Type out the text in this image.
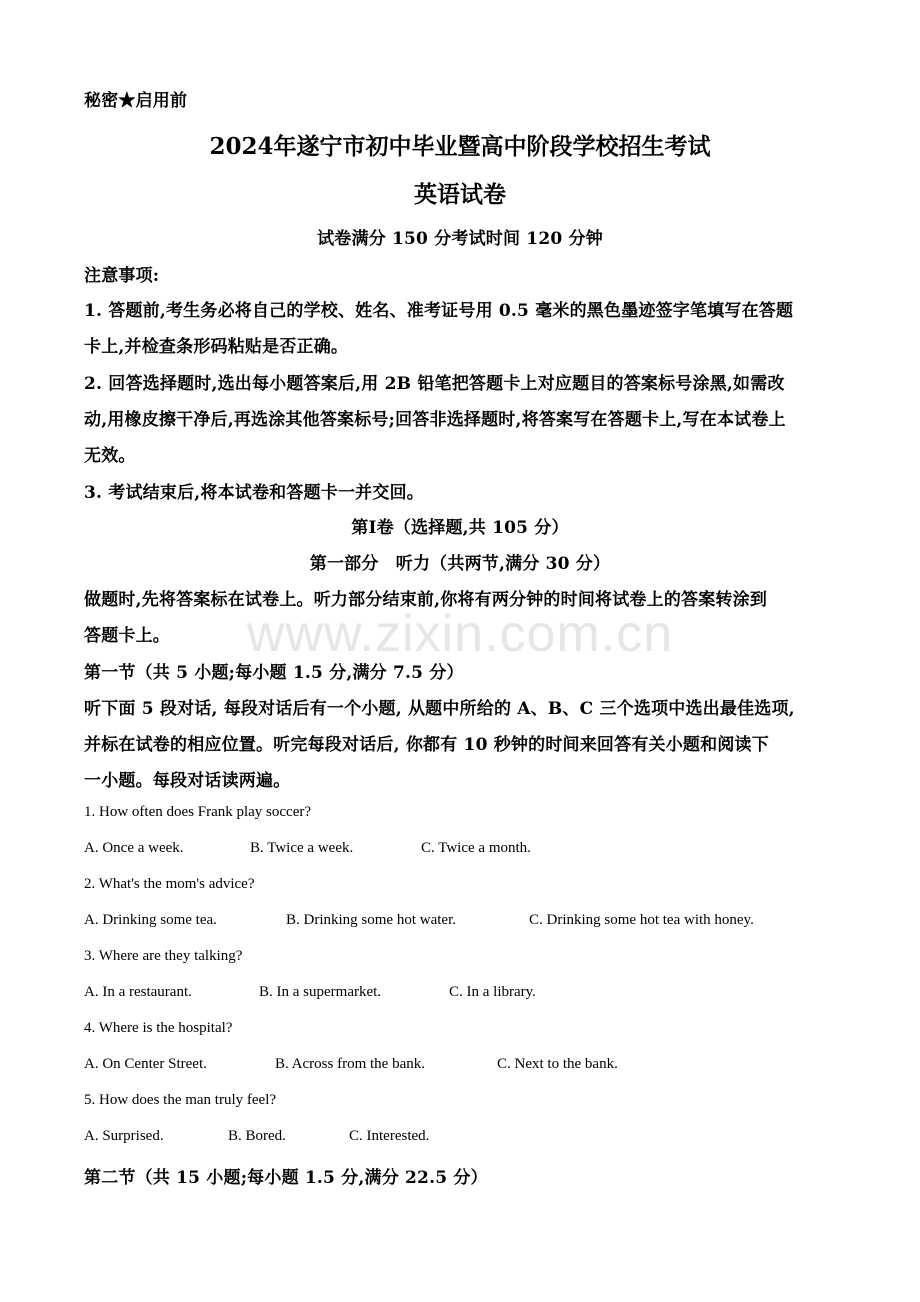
www.zixin.com.cn
秘密★启用前
2024年遂宁市初中毕业暨高中阶段学校招生考试
英语试卷
试卷满分 150 分考试时间 120 分钟
注意事项:
1. 答题前,考生务必将自己的学校、姓名、准考证号用 0.5 毫米的黑色墨迹签字笔填写在答题
卡上,并检查条形码粘贴是否正确。
2. 回答选择题时,选出每小题答案后,用 2B 铅笔把答题卡上对应题目的答案标号涂黑,如需改
动,用橡皮擦干净后,再选涂其他答案标号;回答非选择题时,将答案写在答题卡上,写在本试卷上
无效。
3. 考试结束后,将本试卷和答题卡一并交回。
第Ⅰ卷（选择题,共 105 分）
第一部分　听力（共两节,满分 30 分）
做题时,先将答案标在试卷上。听力部分结束前,你将有两分钟的时间将试卷上的答案转涂到
答题卡上。
第一节（共 5 小题;每小题 1.5 分,满分 7.5 分）
听下面 5 段对话, 每段对话后有一个小题, 从题中所给的 A、B、C 三个选项中选出最佳选项,
并标在试卷的相应位置。听完每段对话后, 你都有 10 秒钟的时间来回答有关小题和阅读下
一小题。每段对话读两遍。
1. How often does Frank play soccer?
A. Once a week.	B. Twice a week.	C. Twice a month.
2. What's the mom's advice?
A. Drinking some tea.	B. Drinking some hot water.	C. Drinking some hot tea with honey.
3. Where are they talking?
A. In a restaurant.	B. In a supermarket.	C. In a library.
4. Where is the hospital?
A. On Center Street.	B. Across from the bank.	C. Next to the bank.
5. How does the man truly feel?
A. Surprised.	B. Bored.	C. Interested.
第二节（共 15 小题;每小题 1.5 分,满分 22.5 分）
